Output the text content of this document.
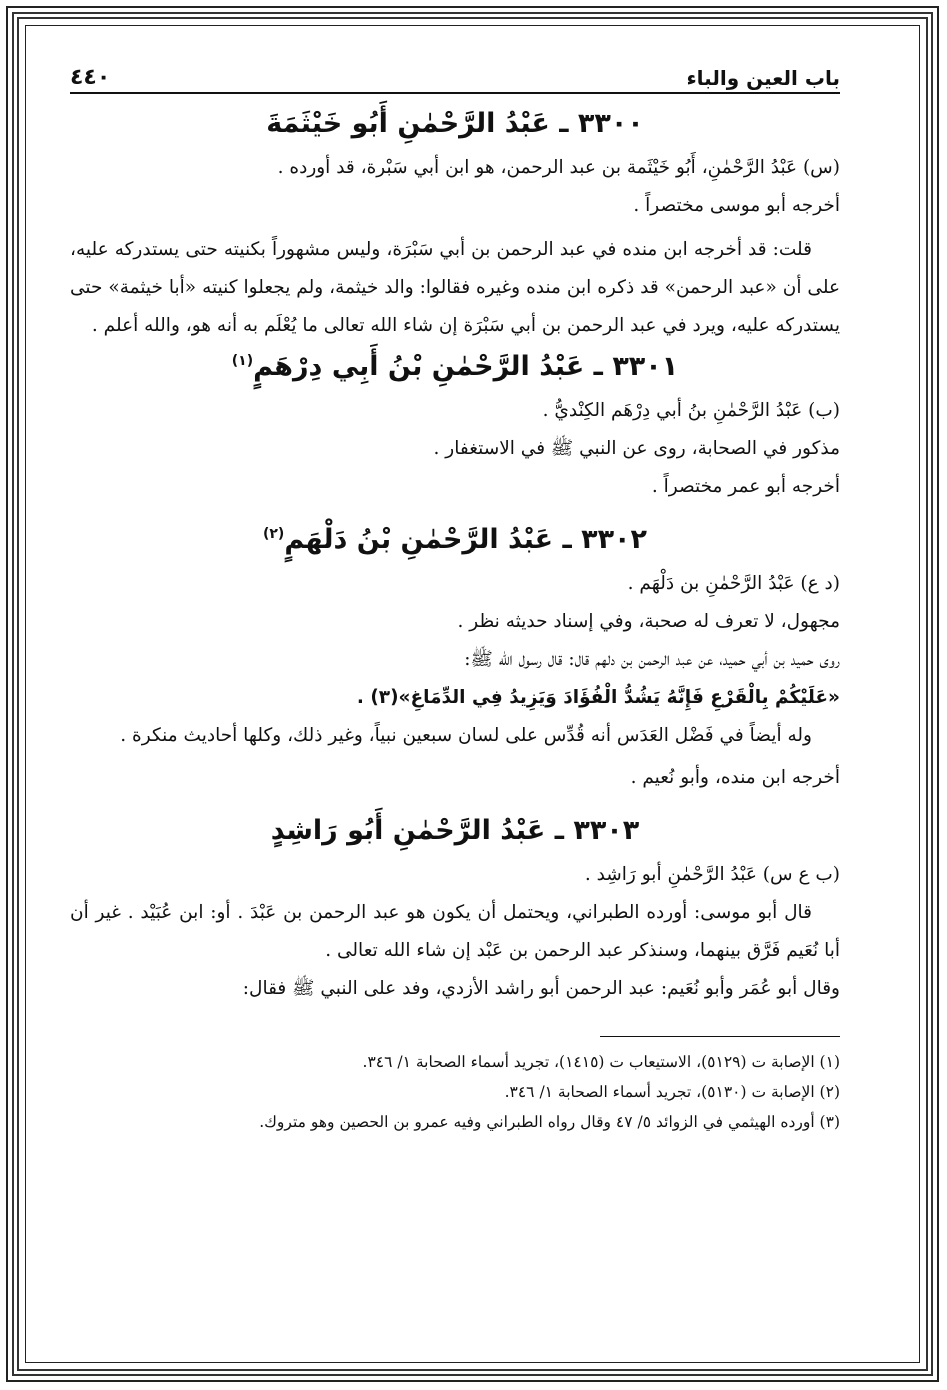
باب العين والباء
٤٤٠
٣٣٠٠ ـ عَبْدُ الرَّحْمٰنِ أَبُو خَيْثَمَةَ

(س) عَبْدُ الرَّحْمٰنِ، أَبُو خَيْثَمة بن عبد الرحمن، هو ابن أبي سَبْرة، قد أورده .

أخرجه أبو موسى مختصراً .

قلت: قد أخرجه ابن منده في عبد الرحمن بن أبي سَبْرَة، وليس مشهوراً بكنيته حتى يستدركه عليه، على أن «عبد الرحمن» قد ذكره ابن منده وغيره فقالوا: والد خيثمة، ولم يجعلوا كنيته «أبا خيثمة» حتى يستدركه عليه، ويرد في عبد الرحمن بن أبي سَبْرَة إن شاء الله تعالى ما يُعْلَم به أنه هو، والله أعلم .

٣٣٠١ ـ عَبْدُ الرَّحْمٰنِ بْنُ أَبِي دِرْهَمٍ$^{(١)}$

(ب) عَبْدُ الرَّحْمٰنِ بنُ أبي دِرْهَم الكِنْديُّ .

مذكور في الصحابة، روى عن النبي ﷺ في الاستغفار .

أخرجه أبو عمر مختصراً .

٣٣٠٢ ـ عَبْدُ الرَّحْمٰنِ بْنُ دَلْهَمٍ$^{(٢)}$

(د ع) عَبْدُ الرَّحْمٰنِ بن دَلْهَم .

مجهول، لا تعرف له صحبة، وفي إسناد حديثه نظر .

روى حميد بن أبي حميد، عن عبد الرحمن بن دلهم قال: قال رسول الله ﷺ:

«عَلَيْكُمْ بِالْقَرْعِ فَإِنَّهُ يَشُدُّ الْفُؤَادَ وَيَزِيدُ فِي الدِّمَاغِ»(٣) .

وله أيضاً في فَضْل العَدَس أنه قُدِّس على لسان سبعين نبياً، وغير ذلك، وكلها أحاديث منكرة .

أخرجه ابن منده، وأبو نُعيم .

٣٣٠٣ ـ عَبْدُ الرَّحْمٰنِ أَبُو رَاشِدٍ

(ب ع س) عَبْدُ الرَّحْمٰنِ أبو رَاشِد .

قال أبو موسى: أورده الطبراني، ويحتمل أن يكون هو عبد الرحمن بن عَبْدَ . أو: ابن عُبَيْد . غير أن أبا نُعَيم فَرَّق بينهما، وسنذكر عبد الرحمن بن عَبْد إن شاء الله تعالى .

وقال أبو عُمَر وأبو نُعَيم: عبد الرحمن أبو راشد الأزدي، وفد على النبي ﷺ فقال:

(١) الإصابة ت (٥١٢٩)، الاستيعاب ت (١٤١٥)، تجريد أسماء الصحابة ١/ ٣٤٦.

(٢) الإصابة ت (٥١٣٠)، تجريد أسماء الصحابة ١/ ٣٤٦.

(٣) أورده الهيثمي في الزوائد ٥/ ٤٧ وقال رواه الطبراني وفيه عمرو بن الحصين وهو متروك.
